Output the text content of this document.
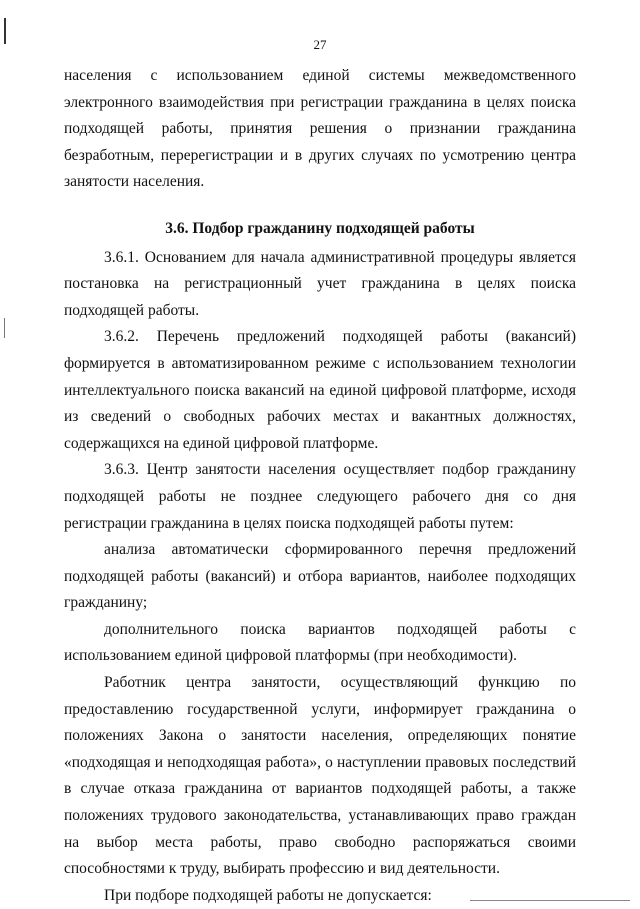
27

населения с использованием единой системы межведомственного электронного взаимодействия при регистрации гражданина в целях поиска подходящей работы, принятия решения о признании гражданина безработным, перерегистрации и в других случаях по усмотрению центра занятости населения.

3.6. Подбор гражданину подходящей работы

3.6.1. Основанием для начала административной процедуры является постановка на регистрационный учет гражданина в целях поиска подходящей работы.

3.6.2. Перечень предложений подходящей работы (вакансий) формируется в автоматизированном режиме с использованием технологии интеллектуального поиска вакансий на единой цифровой платформе, исходя из сведений о свободных рабочих местах и вакантных должностях, содержащихся на единой цифровой платформе.

3.6.3. Центр занятости населения осуществляет подбор гражданину подходящей работы не позднее следующего рабочего дня со дня регистрации гражданина в целях поиска подходящей работы путем:

анализа автоматически сформированного перечня предложений подходящей работы (вакансий) и отбора вариантов, наиболее подходящих гражданину;

дополнительного поиска вариантов подходящей работы с использованием единой цифровой платформы (при необходимости).

Работник центра занятости, осуществляющий функцию по предоставлению государственной услуги, информирует гражданина о положениях Закона о занятости населения, определяющих понятие «подходящая и неподходящая работа», о наступлении правовых последствий в случае отказа гражданина от вариантов подходящей работы, а также положениях трудового законодательства, устанавливающих право граждан на выбор места работы, право свободно распоряжаться своими способностями к труду, выбирать профессию и вид деятельности.

При подборе подходящей работы не допускается:
